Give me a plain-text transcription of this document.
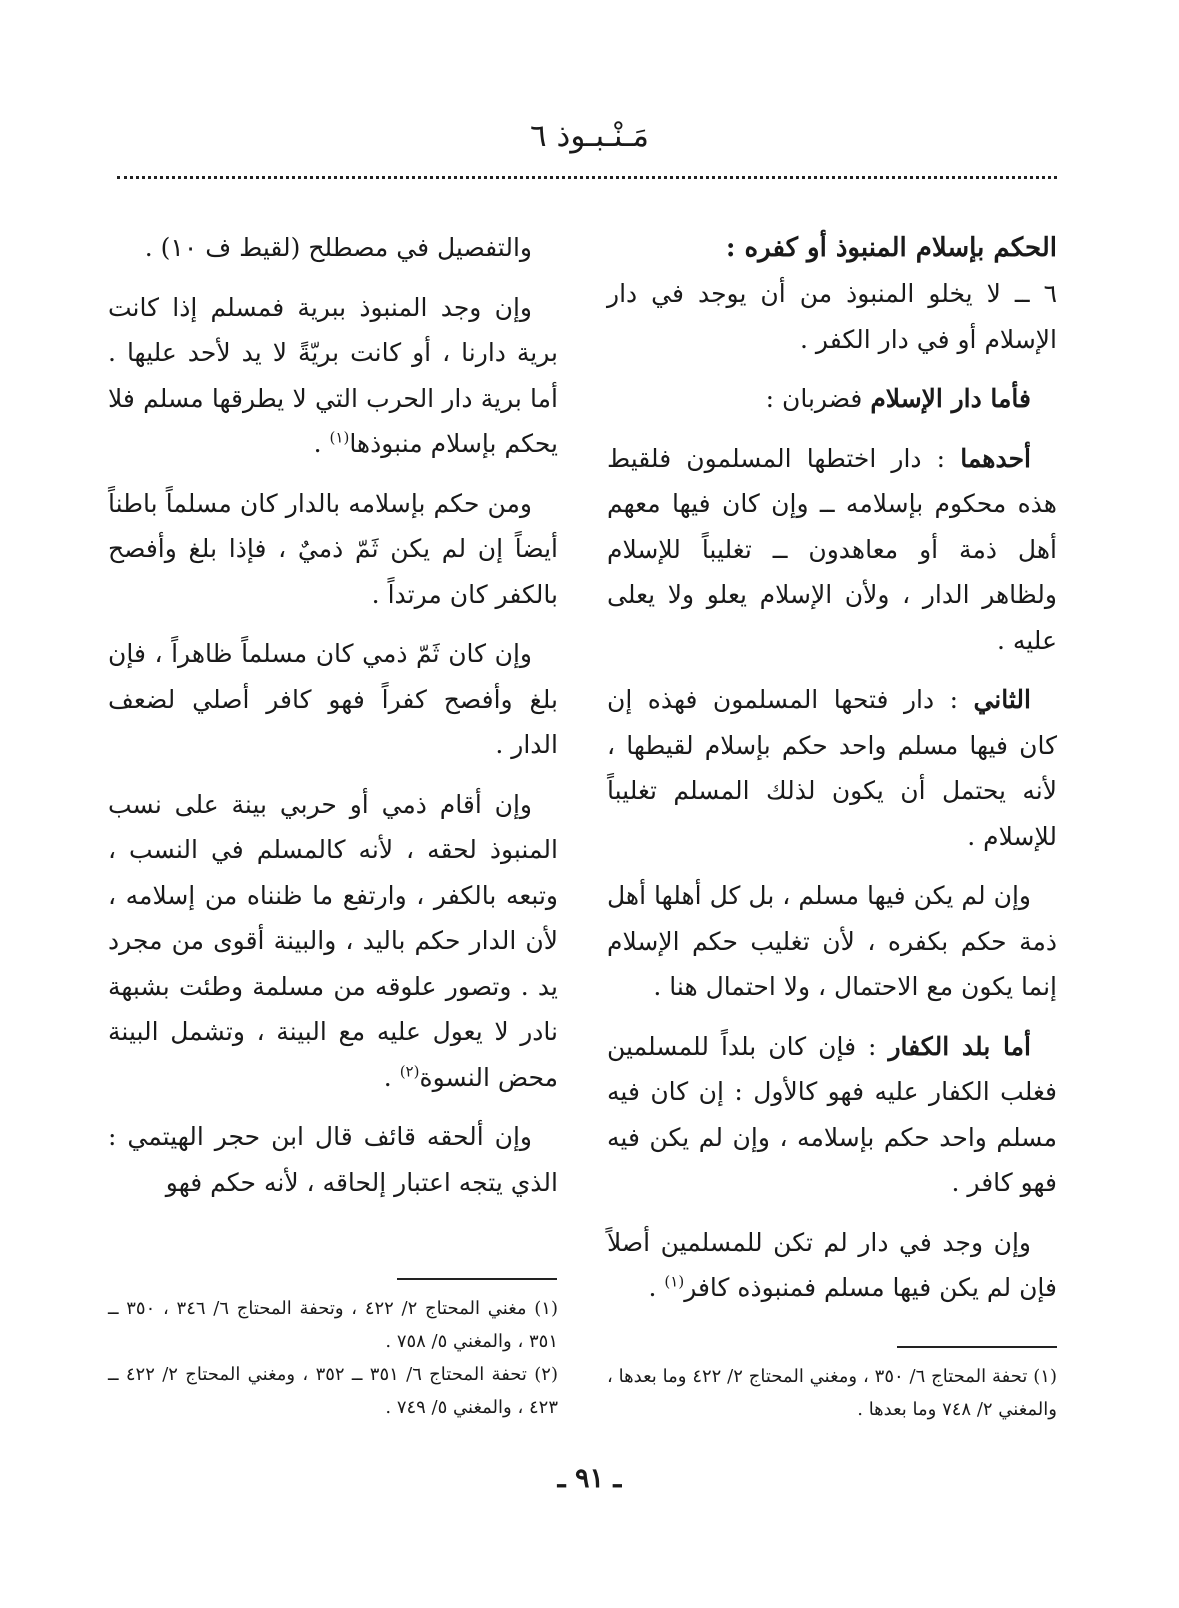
مَـنْـبـوذ ٦
الحكم بإسلام المنبوذ أو كفره :

٦ ــ لا يخلو المنبوذ من أن يوجد في دار الإسلام أو في دار الكفر .

فأما دار الإسلام فضربان :

أحدهما : دار اختطها المسلمون فلقيط هذه محكوم بإسلامه ــ وإن كان فيها معهم أهل ذمة أو معاهدون ــ تغليباً للإسلام ولظاهر الدار ، ولأن الإسلام يعلو ولا يعلى عليه .

الثاني : دار فتحها المسلمون فهذه إن كان فيها مسلم واحد حكم بإسلام لقيطها ، لأنه يحتمل أن يكون لذلك المسلم تغليباً للإسلام .

وإن لم يكن فيها مسلم ، بل كل أهلها أهل ذمة حكم بكفره ، لأن تغليب حكم الإسلام إنما يكون مع الاحتمال ، ولا احتمال هنا .

أما بلد الكفار : فإن كان بلداً للمسلمين فغلب الكفار عليه فهو كالأول : إن كان فيه مسلم واحد حكم بإسلامه ، وإن لم يكن فيه فهو كافر .

وإن وجد في دار لم تكن للمسلمين أصلاً فإن لم يكن فيها مسلم فمنبوذه كافر$^{(١)}$ .

والتفصيل في مصطلح (لقيط ف ١٠) .

وإن وجد المنبوذ ببرية فمسلم إذا كانت برية دارنا ، أو كانت بريّةً لا يد لأحد عليها . أما برية دار الحرب التي لا يطرقها مسلم فلا يحكم بإسلام منبوذها$^{(١)}$ .

ومن حكم بإسلامه بالدار كان مسلماً باطناً أيضاً إن لم يكن ثَمّ ذميٌ ، فإذا بلغ وأفصح بالكفر كان مرتداً .

وإن كان ثَمّ ذمي كان مسلماً ظاهراً ، فإن بلغ وأفصح كفراً فهو كافر أصلي لضعف الدار .

وإن أقام ذمي أو حربي بينة على نسب المنبوذ لحقه ، لأنه كالمسلم في النسب ، وتبعه بالكفر ، وارتفع ما ظنناه من إسلامه ، لأن الدار حكم باليد ، والبينة أقوى من مجرد يد . وتصور علوقه من مسلمة وطئت بشبهة نادر لا يعول عليه مع البينة ، وتشمل البينة محض النسوة$^{(٢)}$ .

وإن ألحقه قائف قال ابن حجر الهيتمي : الذي يتجه اعتبار إلحاقه ، لأنه حكم فهو

(١) مغني المحتاج ٢/ ٤٢٢ ، وتحفة المحتاج ٦/ ٣٤٦ ، ٣٥٠ ــ ٣٥١ ، والمغني ٥/ ٧٥٨ .

(٢) تحفة المحتاج ٦/ ٣٥١ ــ ٣٥٢ ، ومغني المحتاج ٢/ ٤٢٢ ــ ٤٢٣ ، والمغني ٥/ ٧٤٩ .

(١) تحفة المحتاج ٦/ ٣٥٠ ، ومغني المحتاج ٢/ ٤٢٢ وما بعدها ، والمغني ٢/ ٧٤٨ وما بعدها .

ـ ٩١ ـ
